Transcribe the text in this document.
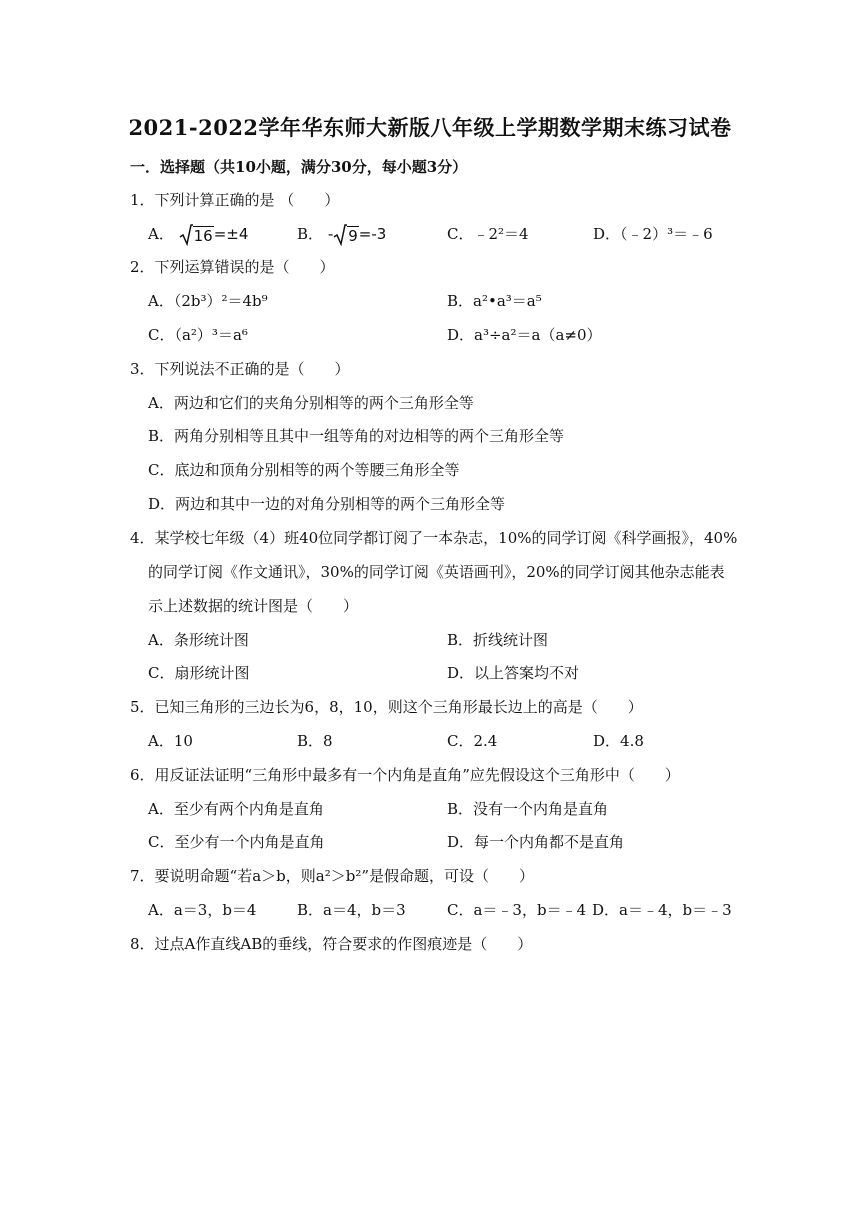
2021-2022学年华东师大新版八年级上学期数学期末练习试卷
一．选择题（共10小题，满分30分，每小题3分）
1．下列计算正确的是 （　　）
A． 16=±4	B． - 9=-3	C．﹣2²＝4	D．（﹣2）³＝﹣6
2．下列运算错误的是（　　）
A．（2b³）²＝4b⁹	B．a²•a³＝a⁵
C．（a²）³＝a⁶	D．a³÷a²＝a（a≠0）
3．下列说法不正确的是（　　）
A．两边和它们的夹角分别相等的两个三角形全等
B．两角分别相等且其中一组等角的对边相等的两个三角形全等
C．底边和顶角分别相等的两个等腰三角形全等
D．两边和其中一边的对角分别相等的两个三角形全等
4．某学校七年级（4）班40位同学都订阅了一本杂志，10%的同学订阅《科学画报》，40%
的同学订阅《作文通讯》，30%的同学订阅《英语画刊》，20%的同学订阅其他杂志能表
示上述数据的统计图是（　　）
A．条形统计图	B．折线统计图
C．扇形统计图	D．以上答案均不对
5．已知三角形的三边长为6，8，10，则这个三角形最长边上的高是（　　）
A．10	B．8	C．2.4	D．4.8
6．用反证法证明“三角形中最多有一个内角是直角”应先假设这个三角形中（　　）
A．至少有两个内角是直角	B．没有一个内角是直角
C．至少有一个内角是直角	D．每一个内角都不是直角
7．要说明命题“若a＞b，则a²＞b²”是假命题，可设（　　）
A．a＝3，b＝4	B．a＝4，b＝3	C．a＝﹣3，b＝﹣4 D．a＝﹣4，b＝﹣3
8．过点A作直线AB的垂线，符合要求的作图痕迹是（　　）
